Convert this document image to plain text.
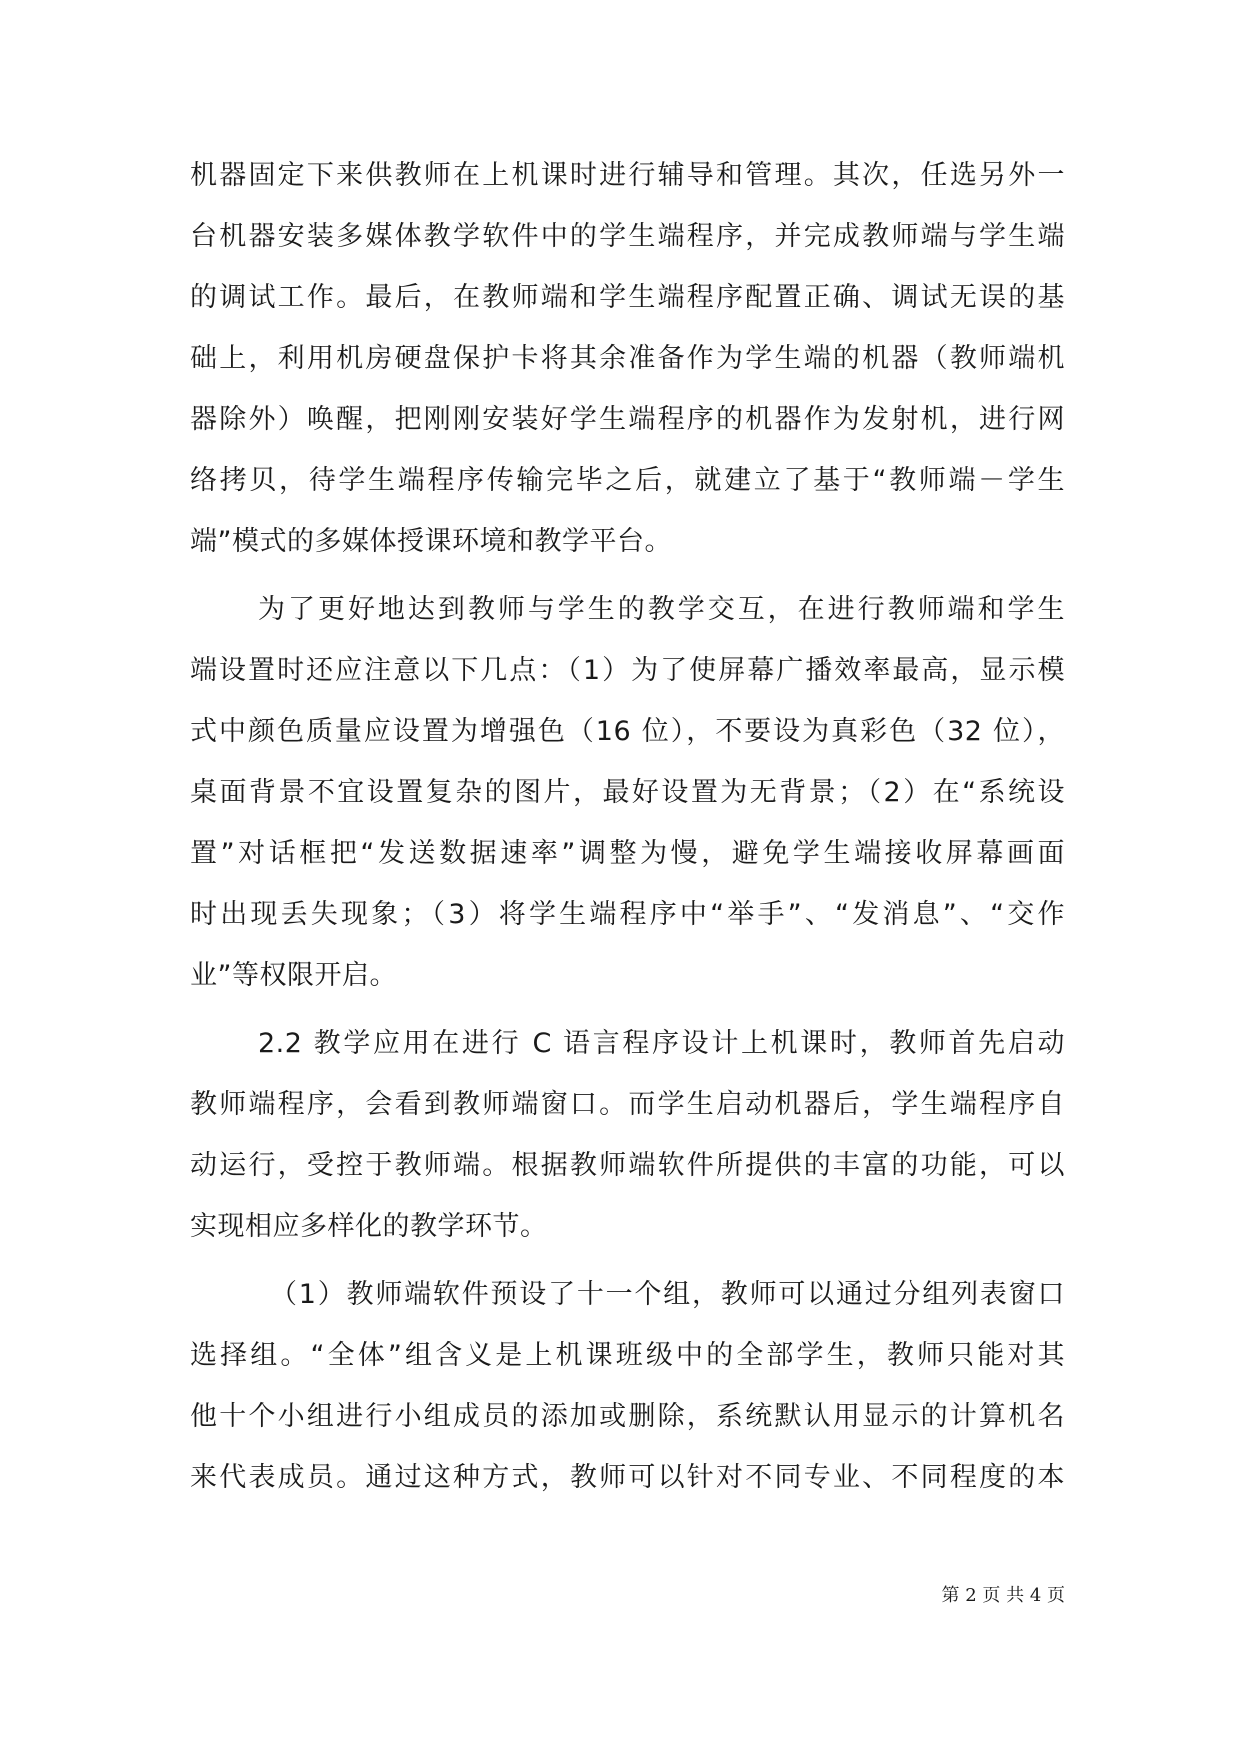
机器固定下来供教师在上机课时进行辅导和管理。其次，任选另外一
台机器安装多媒体教学软件中的学生端程序，并完成教师端与学生端
的调试工作。最后，在教师端和学生端程序配置正确、调试无误的基
础上，利用机房硬盘保护卡将其余准备作为学生端的机器（教师端机
器除外）唤醒，把刚刚安装好学生端程序的机器作为发射机，进行网
络拷贝，待学生端程序传输完毕之后，就建立了基于“教师端－学生
端”模式的多媒体授课环境和教学平台。
为了更好地达到教师与学生的教学交互，在进行教师端和学生
端设置时还应注意以下几点：（1）为了使屏幕广播效率最高，显示模
式中颜色质量应设置为增强色（16 位），不要设为真彩色（32 位），
桌面背景不宜设置复杂的图片，最好设置为无背景；（2）在“系统设
置”对话框把“发送数据速率”调整为慢，避免学生端接收屏幕画面
时出现丢失现象；（3）将学生端程序中“举手”、“发消息”、“交作
业”等权限开启。
2.2 教学应用在进行 C 语言程序设计上机课时，教师首先启动
教师端程序，会看到教师端窗口。而学生启动机器后，学生端程序自
动运行，受控于教师端。根据教师端软件所提供的丰富的功能，可以
实现相应多样化的教学环节。
（1）教师端软件预设了十一个组，教师可以通过分组列表窗口
选择组。“全体”组含义是上机课班级中的全部学生，教师只能对其
他十个小组进行小组成员的添加或删除，系统默认用显示的计算机名
来代表成员。通过这种方式，教师可以针对不同专业、不同程度的本
第 2 页 共 4 页
